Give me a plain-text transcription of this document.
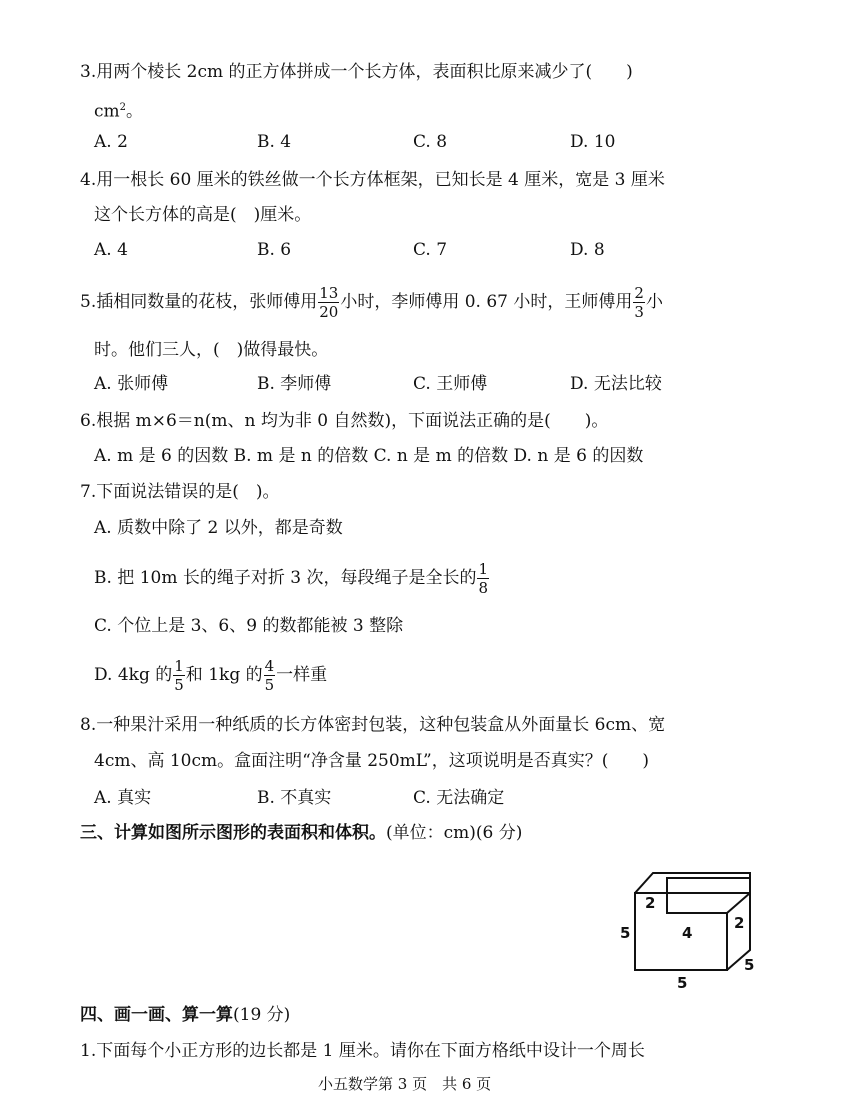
3.用两个棱长 2cm 的正方体拼成一个长方体，表面积比原来减少了(　　)
$cm^2$。
A. 2	B. 4	C. 8	D. 10
4.用一根长 60 厘米的铁丝做一个长方体框架，已知长是 4 厘米，宽是 3 厘米
这个长方体的高是(　)厘米。
A. 4	B. 6	C. 7	D. 8
5.插相同数量的花枝，张师傅用 $\frac{13}{20}$ 小时，李师傅用 0. 67 小时，王师傅用 $\frac{2}{3}$ 小
时。他们三人，(　)做得最快。
A. 张师傅	B. 李师傅	C. 王师傅	D. 无法比较
6.根据 m×6＝n(m、n 均为非 0 自然数)，下面说法正确的是(　　)。
A. m 是 6 的因数 B. m 是 n 的倍数 C. n 是 m 的倍数 D. n 是 6 的因数
7.下面说法错误的是(　)。
A. 质数中除了 2 以外，都是奇数
B. 把 10m 长的绳子对折 3 次，每段绳子是全长的 $\frac{1}{8}$
C. 个位上是 3、6、9 的数都能被 3 整除
D. 4kg 的 $\frac{1}{5}$ 和 1kg 的 $\frac{4}{5}$ 一样重
8.一种果汁采用一种纸质的长方体密封包装，这种包装盒从外面量长 6cm、宽
4cm、高 10cm。盒面注明“净含量 250mL”，这项说明是否真实？(　　)
A. 真实	B. 不真实	C. 无法确定
三、计算如图所示图形的表面积和体积。(单位：cm)(6 分)
2
2
5	4
5
5
四、画一画、算一算(19 分)
1.下面每个小正方形的边长都是 1 厘米。请你在下面方格纸中设计一个周长
小五数学第 3 页　共 6 页
